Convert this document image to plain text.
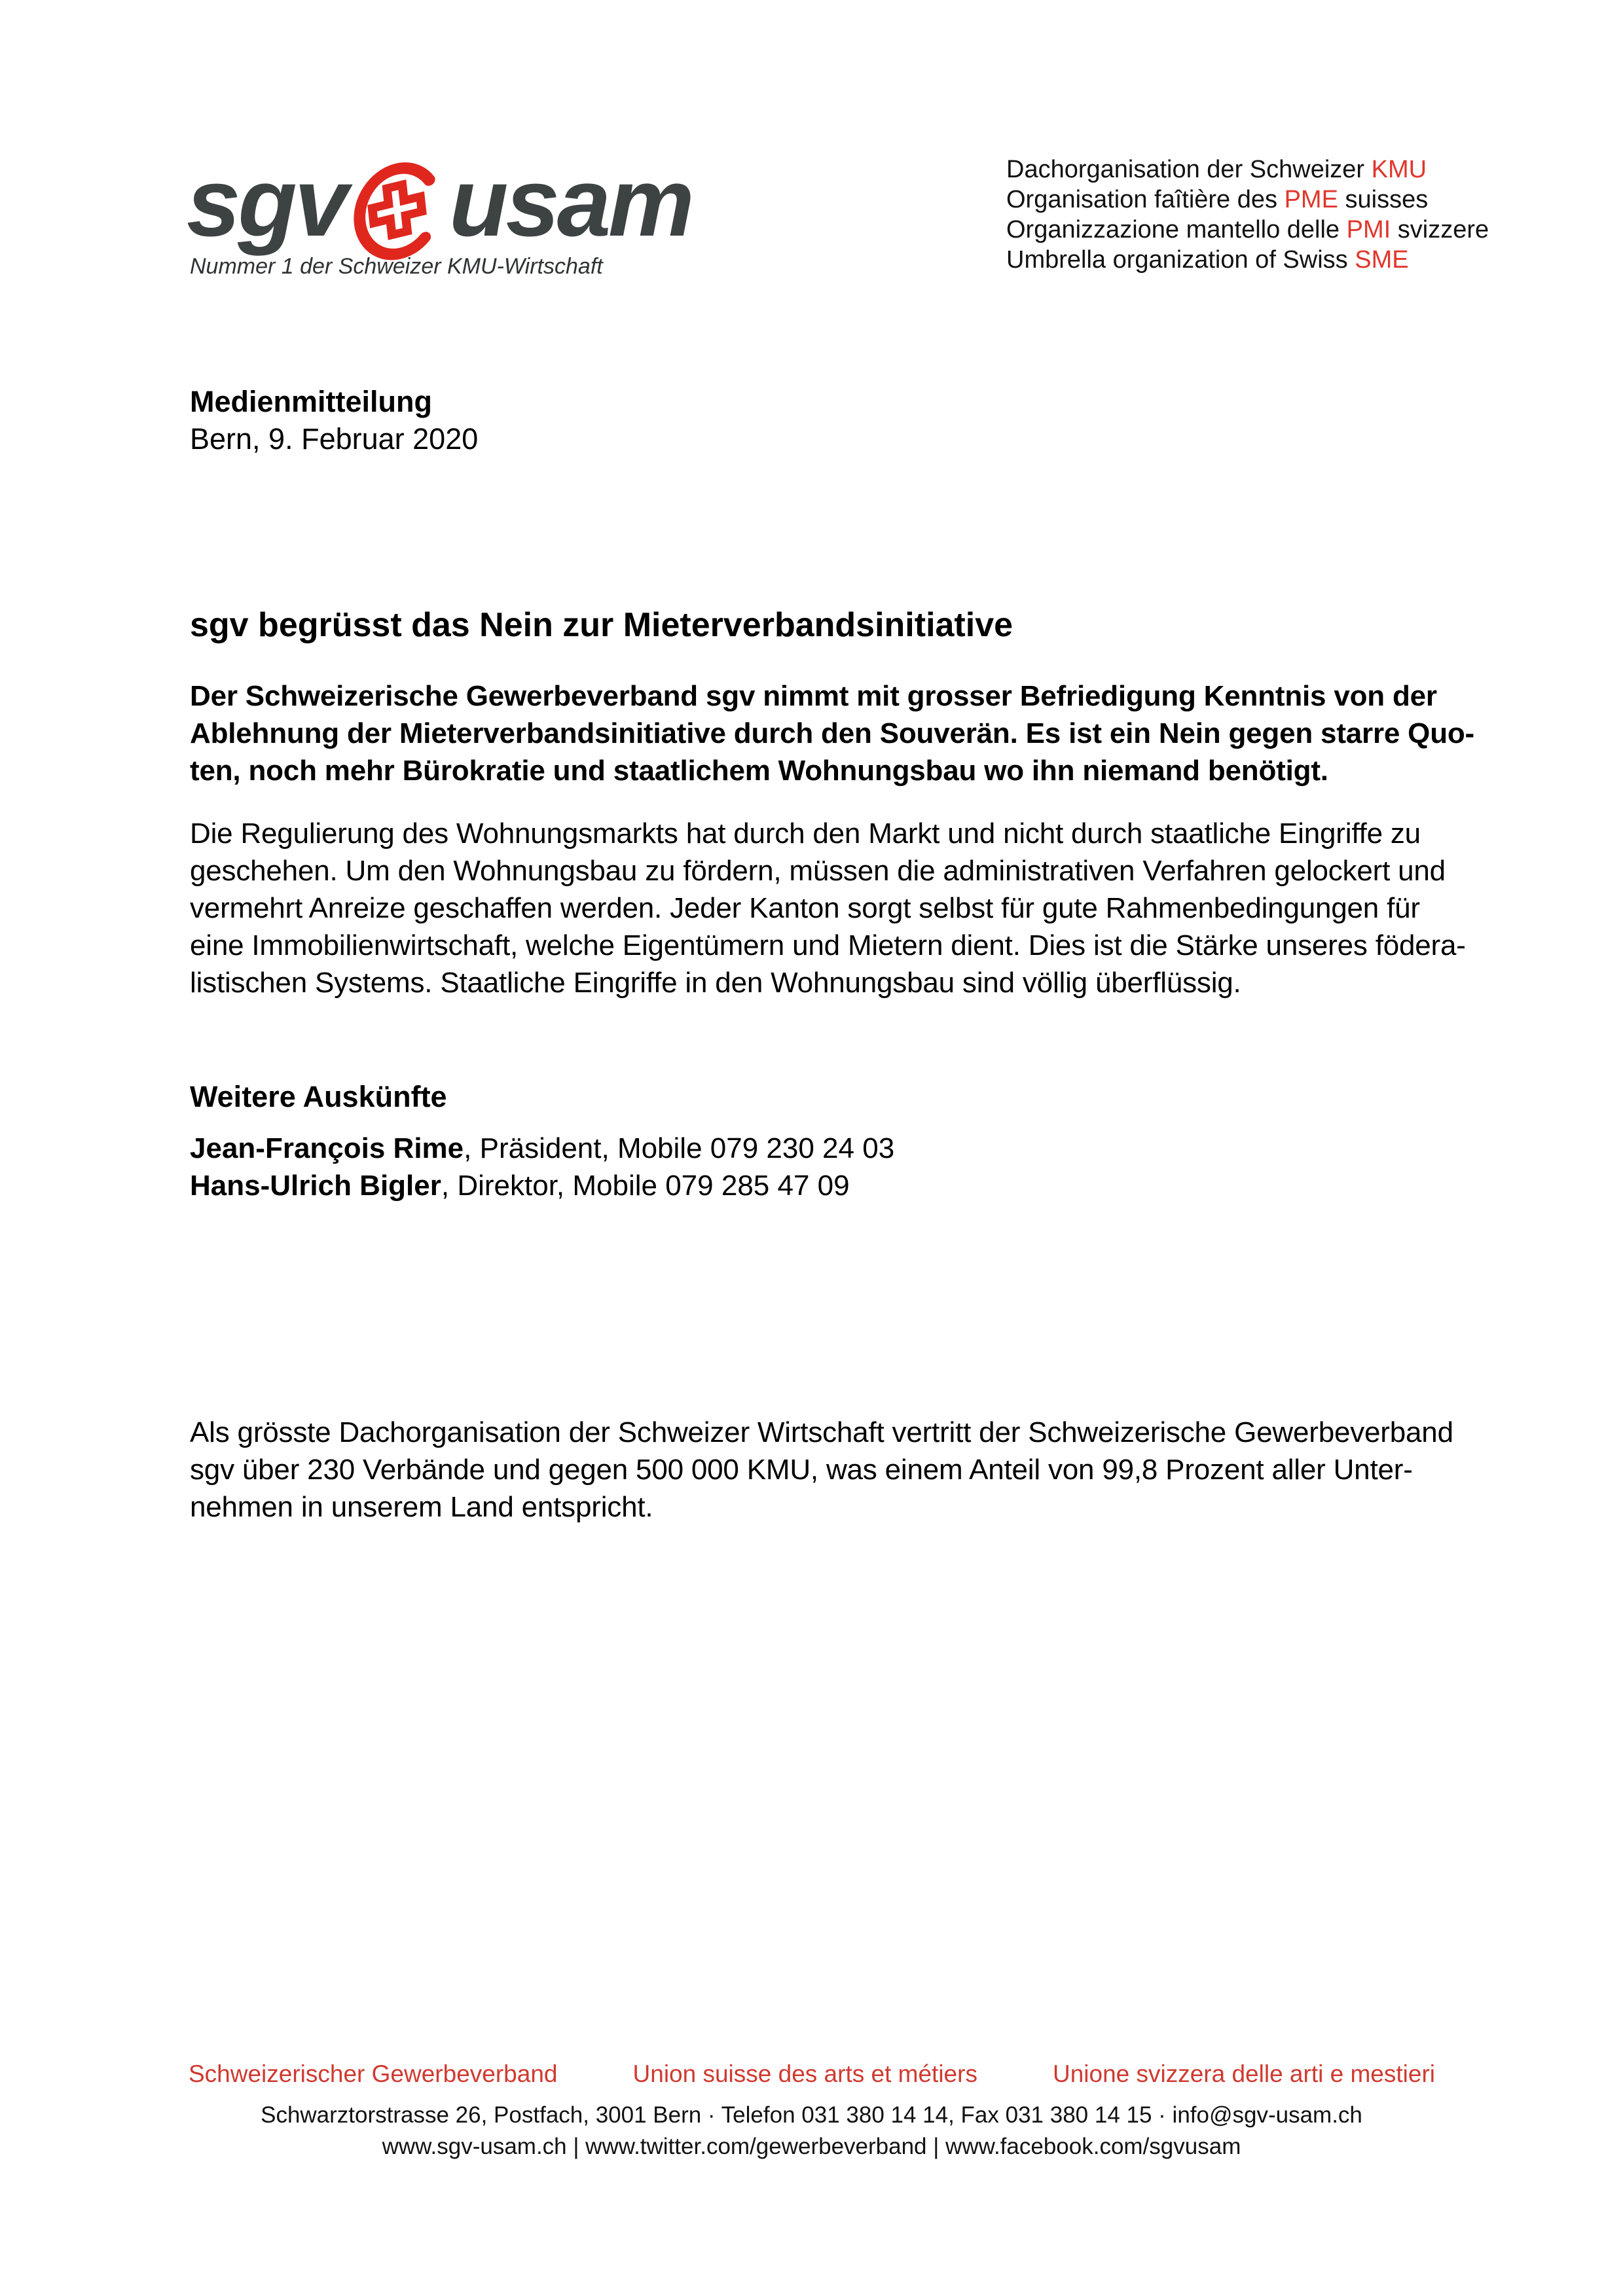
sgv usam
Nummer 1 der Schweizer KMU-Wirtschaft
Dachorganisation der Schweizer KMU
Organisation faîtière des PME suisses
Organizzazione mantello delle PMI svizzere
Umbrella organization of Swiss SME
Medienmitteilung
Bern, 9. Februar 2020
sgv begrüsst das Nein zur Mieterverbandsinitiative
Der Schweizerische Gewerbeverband sgv nimmt mit grosser Befriedigung Kenntnis von der
Ablehnung der Mieterverbandsinitiative durch den Souverän. Es ist ein Nein gegen starre Quo-
ten, noch mehr Bürokratie und staatlichem Wohnungsbau wo ihn niemand benötigt.
Die Regulierung des Wohnungsmarkts hat durch den Markt und nicht durch staatliche Eingriffe zu
geschehen. Um den Wohnungsbau zu fördern, müssen die administrativen Verfahren gelockert und
vermehrt Anreize geschaffen werden. Jeder Kanton sorgt selbst für gute Rahmenbedingungen für
eine Immobilienwirtschaft, welche Eigentümern und Mietern dient. Dies ist die Stärke unseres födera-
listischen Systems. Staatliche Eingriffe in den Wohnungsbau sind völlig überflüssig.
Weitere Auskünfte
Jean-François Rime, Präsident, Mobile 079 230 24 03
Hans-Ulrich Bigler, Direktor, Mobile 079 285 47 09
Als grösste Dachorganisation der Schweizer Wirtschaft vertritt der Schweizerische Gewerbeverband
sgv über 230 Verbände und gegen 500 000 KMU, was einem Anteil von 99,8 Prozent aller Unter-
nehmen in unserem Land entspricht.
Schweizerischer Gewerbeverband	Union suisse des arts et métiers	Unione svizzera delle arti e mestieri
Schwarztorstrasse 26, Postfach, 3001 Bern · Telefon 031 380 14 14, Fax 031 380 14 15 · info@sgv-usam.ch
www.sgv-usam.ch | www.twitter.com/gewerbeverband | www.facebook.com/sgvusam
